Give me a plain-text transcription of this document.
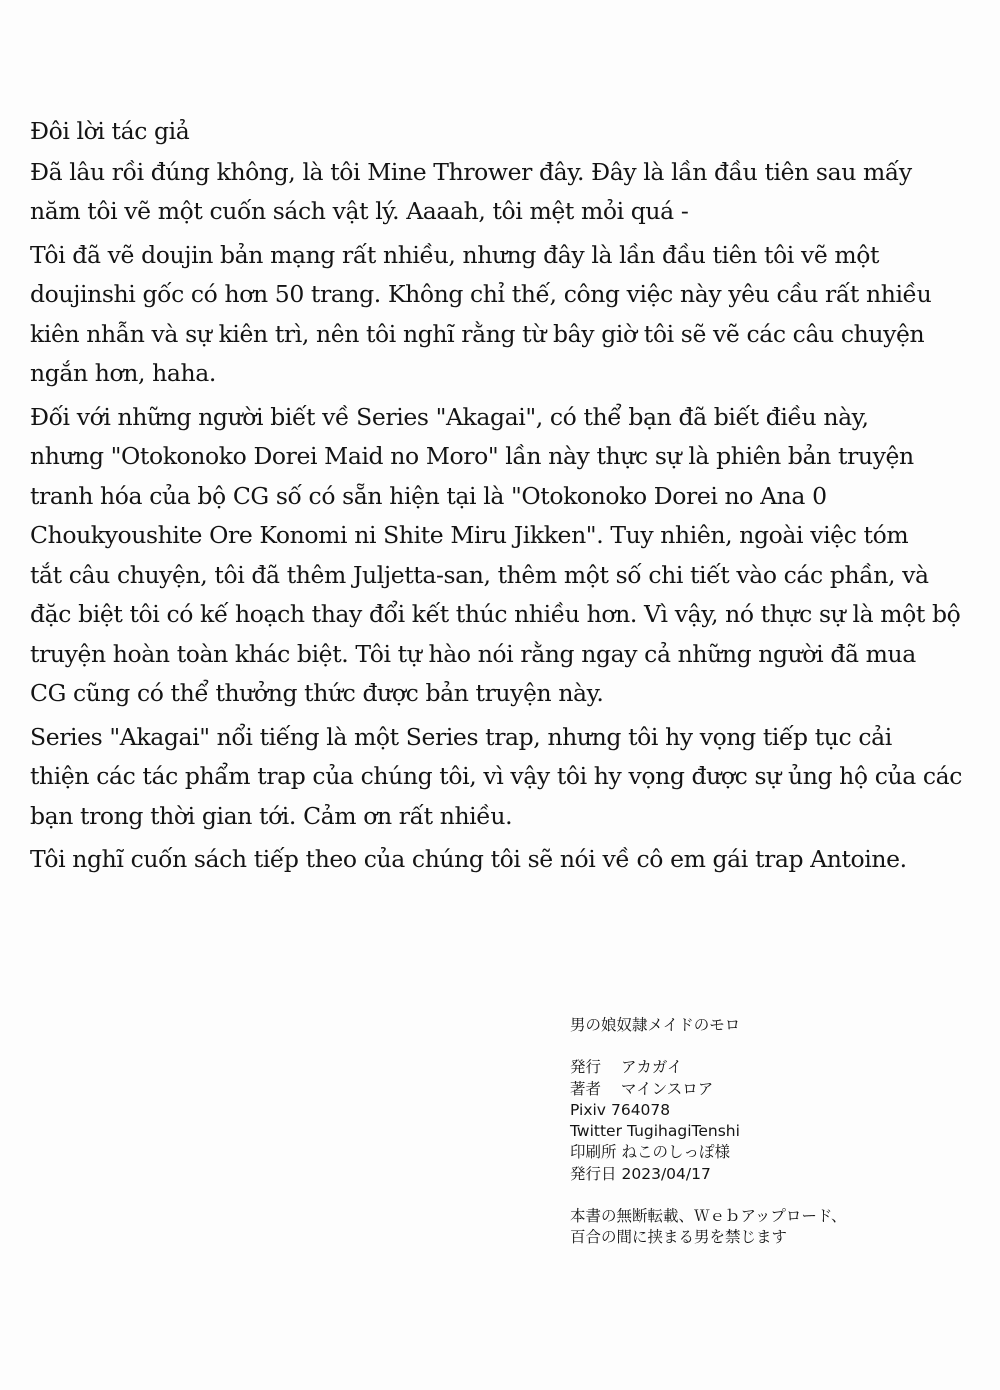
Đôi lời tác giả
Đã lâu rồi đúng không, là tôi Mine Thrower đây. Đây là lần đầu tiên sau mấy
năm tôi vẽ một cuốn sách vật lý. Aaaah, tôi mệt mỏi quá -
Tôi đã vẽ doujin bản mạng rất nhiều, nhưng đây là lần đầu tiên tôi vẽ một
doujinshi gốc có hơn 50 trang. Không chỉ thế, công việc này yêu cầu rất nhiều
kiên nhẫn và sự kiên trì, nên tôi nghĩ rằng từ bây giờ tôi sẽ vẽ các câu chuyện
ngắn hơn, haha.
Đối với những người biết về Series "Akagai", có thể bạn đã biết điều này,
nhưng "Otokonoko Dorei Maid no Moro" lần này thực sự là phiên bản truyện
tranh hóa của bộ CG số có sẵn hiện tại là "Otokonoko Dorei no Ana 0
Choukyoushite Ore Konomi ni Shite Miru Jikken". Tuy nhiên, ngoài việc tóm
tắt câu chuyện, tôi đã thêm Juljetta-san, thêm một số chi tiết vào các phần, và
đặc biệt tôi có kế hoạch thay đổi kết thúc nhiều hơn. Vì vậy, nó thực sự là một bộ
truyện hoàn toàn khác biệt. Tôi tự hào nói rằng ngay cả những người đã mua
CG cũng có thể thưởng thức được bản truyện này.
Series "Akagai" nổi tiếng là một Series trap, nhưng tôi hy vọng tiếp tục cải
thiện các tác phẩm trap của chúng tôi, vì vậy tôi hy vọng được sự ủng hộ của các
bạn trong thời gian tới. Cảm ơn rất nhiều.
Tôi nghĩ cuốn sách tiếp theo của chúng tôi sẽ nói về cô em gái trap Antoine.
男の娘奴隷メイドのモロ
発行 アカガイ
著者 マインスロア
Pixiv 764078
Twitter TugihagiTenshi
印刷所 ねこのしっぽ様
発行日 2023/04/17
本書の無断転載、Ｗｅｂアップロード、
百合の間に挟まる男を禁じます
